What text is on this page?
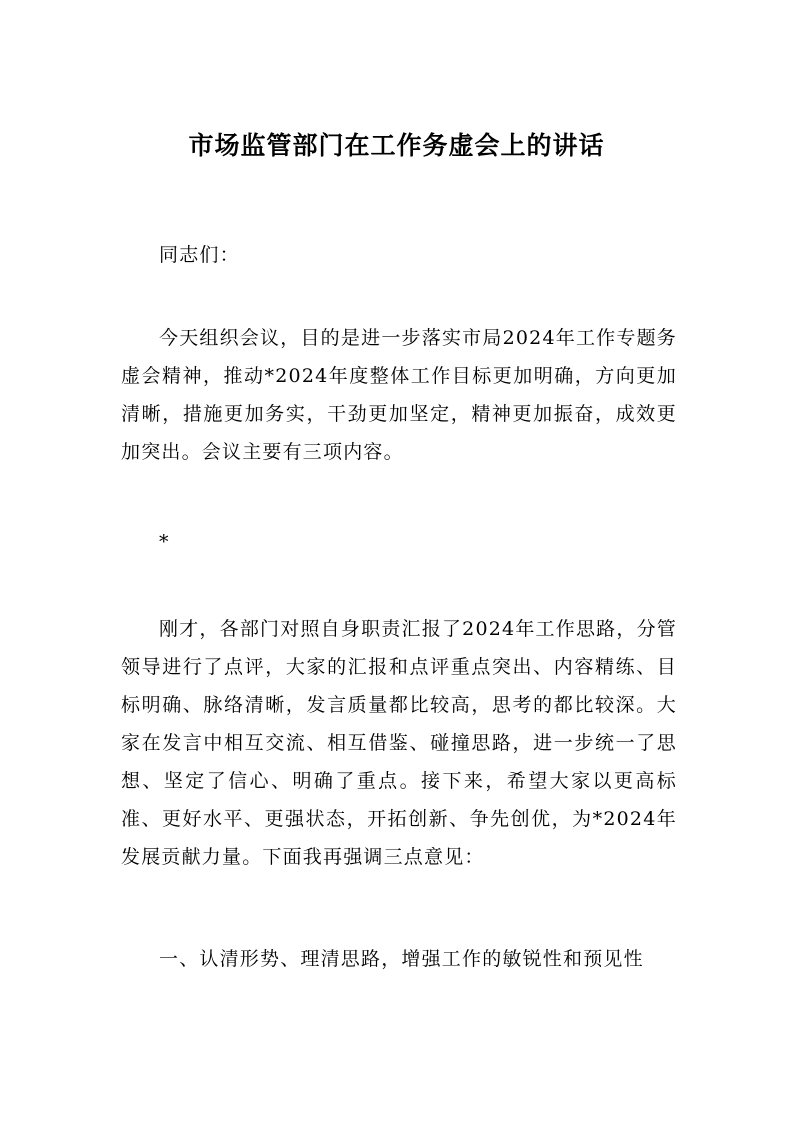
市场监管部门在工作务虚会上的讲话

同志们：

今天组织会议，目的是进一步落实市局2024年工作专题务虚会精神，推动*2024年度整体工作目标更加明确，方向更加清晰，措施更加务实，干劲更加坚定，精神更加振奋，成效更加突出。会议主要有三项内容。

*

刚才，各部门对照自身职责汇报了2024年工作思路，分管领导进行了点评，大家的汇报和点评重点突出、内容精练、目标明确、脉络清晰，发言质量都比较高，思考的都比较深。大家在发言中相互交流、相互借鉴、碰撞思路，进一步统一了思想、坚定了信心、明确了重点。接下来，希望大家以更高标准、更好水平、更强状态，开拓创新、争先创优，为*2024年发展贡献力量。下面我再强调三点意见：

一、认清形势、理清思路，增强工作的敏锐性和预见性
